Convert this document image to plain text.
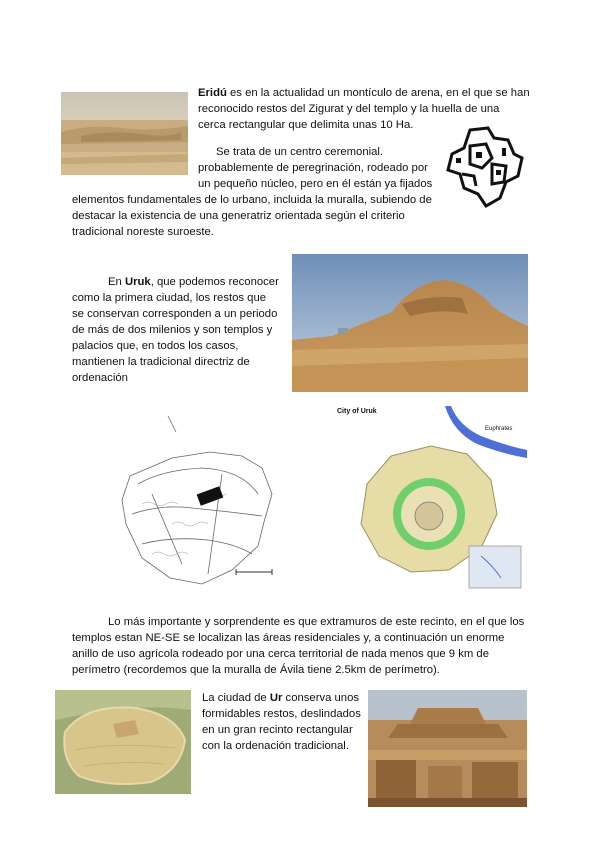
Eridú es en la actualidad un montículo de arena, en el que se han reconocido restos del Zigurat y del templo y la huella de una cerca rectangular que delimita unas 10 Ha.

Se trata de un centro ceremonial.

probablemente de peregrinación, rodeado por

un pequeño núcleo, pero en él están ya fijados

elementos fundamentales de lo urbano, incluida la muralla, subiendo de

destacar la existencia de una generatriz orientada según el criterio

tradicional noreste suroeste.

En Uruk, que podemos reconocer como la primera ciudad, los restos que se conservan corresponden a un periodo de más de dos milenios y son templos y palacios que, en todos los casos, mantienen la tradicional directriz de ordenación

City of Uruk
Euphrates

Lo más importante y sorprendente es que extramuros de este recinto, en el que los templos estan NE-SE se localizan las áreas residenciales y, a continuación un enorme anillo de uso agrícola rodeado por una cerca territorial de nada menos que 9 km de perímetro (recordemos que la muralla de Ávila tiene 2.5km de perímetro).

La ciudad de Ur conserva unos formidables restos, deslindados en un gran recinto rectangular con la ordenación tradicional.
